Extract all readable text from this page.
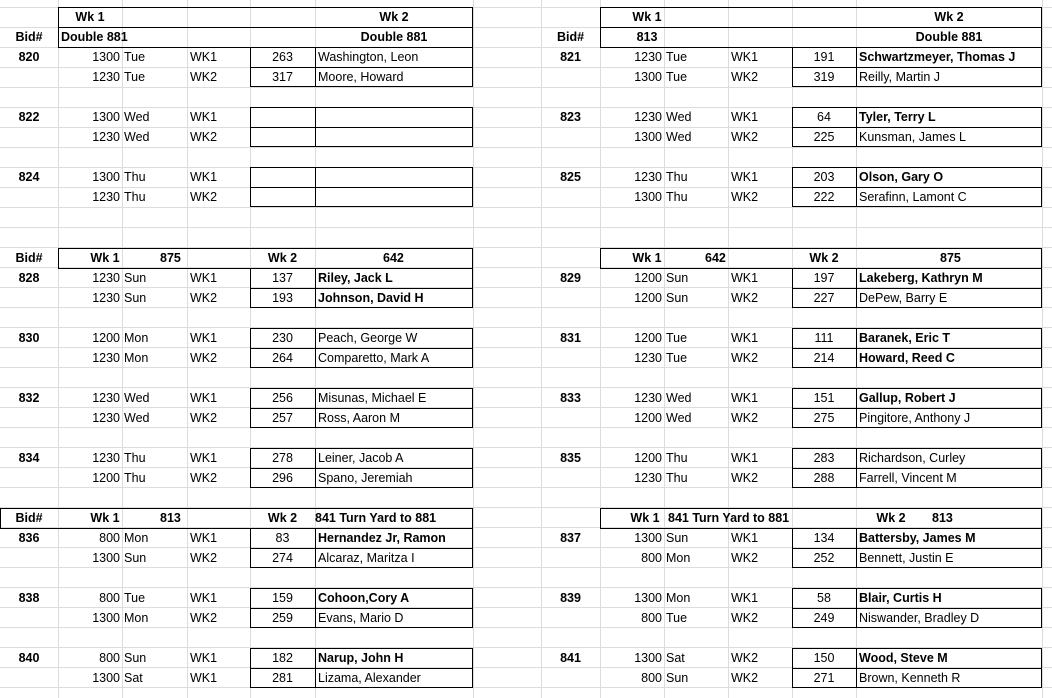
Wk 1	Wk 2
Bid#	Double 881	Double 881
820	1300 Tue	WK1	263	Washington, Leon
1230 Tue	WK2	317	Moore, Howard
822	1300 Wed	WK1
1230 Wed	WK2
824	1300 Thu	WK1
1230 Thu	WK2
Wk 1	Wk 2
Bid#	813	Double 881
821	1230 Tue	WK1	191	Schwartzmeyer, Thomas J
1300 Tue	WK2	319	Reilly, Martin J
823	1230 Wed	WK1	64	Tyler, Terry L
1300 Wed	WK2	225	Kunsman, James L
825	1230 Thu	WK1	203	Olson, Gary O
1300 Thu	WK2	222	Serafinn, Lamont C
Bid#	Wk 1	875	Wk 2	642
828	1230 Sun	WK1	137	Riley, Jack L
1230 Sun	WK2	193	Johnson, David H
830	1200 Mon	WK1	230	Peach, George W
1230 Mon	WK2	264	Comparetto, Mark A
832	1230 Wed	WK1	256	Misunas, Michael E
1230 Wed	WK2	257	Ross, Aaron M
834	1230 Thu	WK1	278	Leiner, Jacob A
1200 Thu	WK2	296	Spano, Jeremiah
Wk 1	642	Wk 2	875
829	1200 Sun	WK1	197	Lakeberg, Kathryn M
1200 Sun	WK2	227	DePew, Barry E
831	1200 Tue	WK1	111	Baranek, Eric T
1230 Tue	WK2	214	Howard, Reed C
833	1230 Wed	WK1	151	Gallup, Robert J
1200 Wed	WK2	275	Pingitore, Anthony J
835	1200 Thu	WK1	283	Richardson, Curley
1230 Thu	WK2	288	Farrell, Vincent M
Bid#	Wk 1	813	Wk 2	841 Turn Yard to 881
836	800 Mon	WK1	83	Hernandez Jr, Ramon
1300 Sun	WK2	274	Alcaraz, Maritza I
838	800 Tue	WK1	159	Cohoon,Cory A
1300 Mon	WK2	259	Evans, Mario D
840	800 Sun	WK1	182	Narup, John H
1300 Sat	WK1	281	Lizama, Alexander
Wk 1 841 Turn Yard to 881	Wk 2	813
837	1300 Sun	WK1	134	Battersby, James M
800 Mon	WK2	252	Bennett, Justin E
839	1300 Mon	WK1	58	Blair, Curtis H
800 Tue	WK2	249	Niswander, Bradley D
841	1300 Sat	WK2	150	Wood, Steve M
800 Sun	WK2	271	Brown, Kenneth R
